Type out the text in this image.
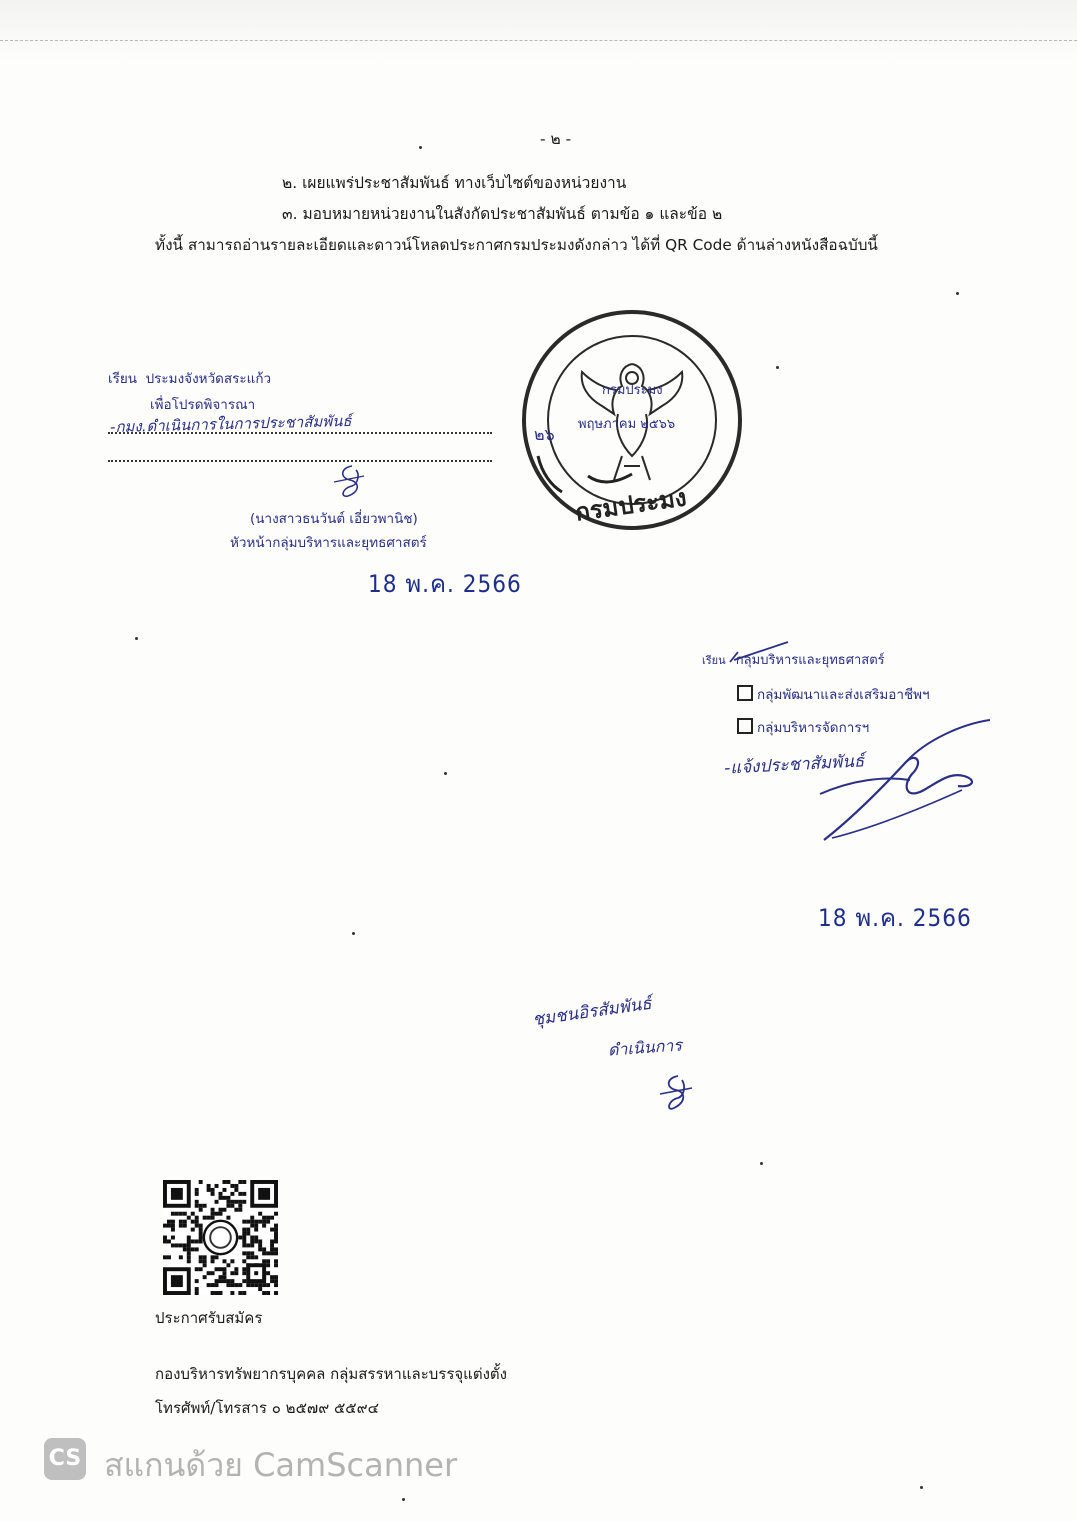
- ๒ -
๒. เผยแพร่ประชาสัมพันธ์ ทางเว็บไซต์ของหน่วยงาน
๓. มอบหมายหน่วยงานในสังกัดประชาสัมพันธ์ ตามข้อ ๑ และข้อ ๒
ทั้งนี้ สามารถอ่านรายละเอียดและดาวน์โหลดประกาศกรมประมงดังกล่าว ได้ที่ QR Code ด้านล่างหนังสือฉบับนี้
เรียน ประมงจังหวัดสระแก้ว
เพื่อโปรดพิจารณา
-กมง.ดำเนินการในการประชาสัมพันธ์
(นางสาวธนวันต์ เอี่ยวพานิช)
หัวหน้ากลุ่มบริหารและยุทธศาสตร์
18 พ.ค. 2566
กรมประมง
กรมประมง
พฤษภาคม ๒๕๖๖
๒๖
เรียน กลุ่มบริหารและยุทธศาสตร์
กลุ่มพัฒนาและส่งเสริมอาชีพฯ
กลุ่มบริหารจัดการฯ
-แจ้งประชาสัมพันธ์
18 พ.ค. 2566
ชุมชนอิรสัมพันธ์
ดำเนินการ
ประกาศรับสมัคร
กองบริหารทรัพยากรบุคคล กลุ่มสรรหาและบรรจุแต่งตั้ง
โทรศัพท์/โทรสาร ๐ ๒๕๗๙ ๕๕๙๔
CS สแกนด้วย CamScanner
